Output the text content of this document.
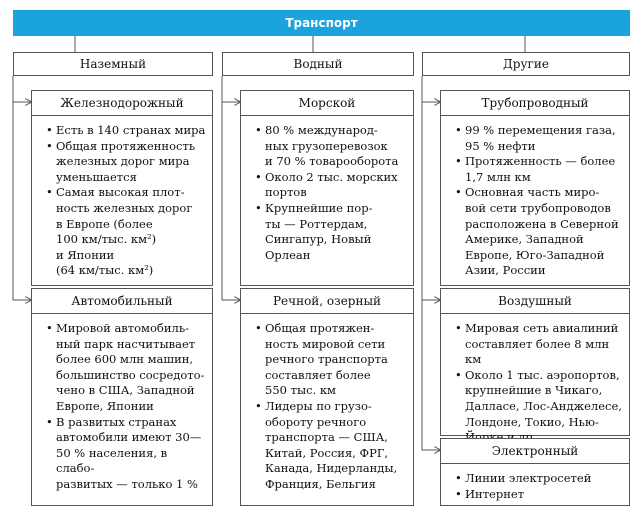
Транспорт
Наземный	Водный	Другие
Железнодорожный
• Есть в 140 странах мира
• Общая протяженность
железных дорог мира
уменьшается
• Самая высокая плот-
ность железных дорог
в Европе (более
100 км/тыс. км²)
и Японии
(64 км/тыс. км²)
Автомобильный
• Мировой автомобиль-
ный парк насчитывает
более 600 млн машин,
большинство сосредото-
чено в США, Западной
Европе, Японии
• В развитых странах
автомобили имеют 30—
50 % населения, в слабо-
развитых — только 1 %
Морской
• 80 % международ-
ных грузоперевозок
и 70 % товарооборота
• Около 2 тыс. морских
портов
• Крупнейшие пор-
ты — Роттердам,
Сингапур, Новый
Орлеан
Речной, озерный
• Общая протяжен-
ность мировой сети
речного транспорта
составляет более
550 тыс. км
• Лидеры по грузо-
обороту речного
транспорта — США,
Китай, Россия, ФРГ,
Канада, Нидерланды,
Франция, Бельгия
Трубопроводный
• 99 % перемещения газа,
95 % нефти
• Протяженность — более
1,7 млн км
• Основная часть миро-
вой сети трубопроводов
расположена в Северной
Америке, Западной
Европе, Юго-Западной
Азии, России
Воздушный
• Мировая сеть авиалиний
составляет более 8 млн км
• Около 1 тыс. аэропортов,
крупнейшие в Чикаго,
Далласе, Лос-Анджелесе,
Лондоне, Токио, Нью-

Электронный
• Линии электросетей
• Интернет
